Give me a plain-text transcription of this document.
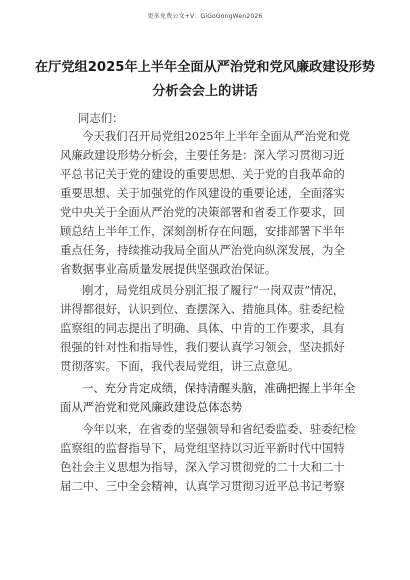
更多免费公文+V：GiGoGongWen2026
在厅党组2025年上半年全面从严治党和党风廉政建设形势
分析会会上的讲话
同志们：
今天我们召开局党组2025年上半年全面从严治党和党
风廉政建设形势分析会，主要任务是：深入学习贯彻习近
平总书记关于党的建设的重要思想、关于党的自我革命的
重要思想、关于加强党的作风建设的重要论述，全面落实
党中央关于全面从严治党的决策部署和省委工作要求，回
顾总结上半年工作，深刻剖析存在问题，安排部署下半年
重点任务，持续推动我局全面从严治党向纵深发展，为全
省数据事业高质量发展提供坚强政治保证。
刚才，局党组成员分别汇报了履行“一岗双责”情况，
讲得都很好，认识到位、查摆深入、措施具体。驻委纪检
监察组的同志提出了明确、具体、中肯的工作要求，具有
很强的针对性和指导性，我们要认真学习领会，坚决抓好
贯彻落实。下面，我代表局党组，讲三点意见。
一、充分肯定成绩，保持清醒头脑，准确把握上半年全
面从严治党和党风廉政建设总体态势
今年以来，在省委的坚强领导和省纪委监委、驻委纪检
监察组的监督指导下，局党组坚持以习近平新时代中国特
色社会主义思想为指导，深入学习贯彻党的二十大和二十
届二中、三中全会精神，认真学习贯彻习近平总书记考察
